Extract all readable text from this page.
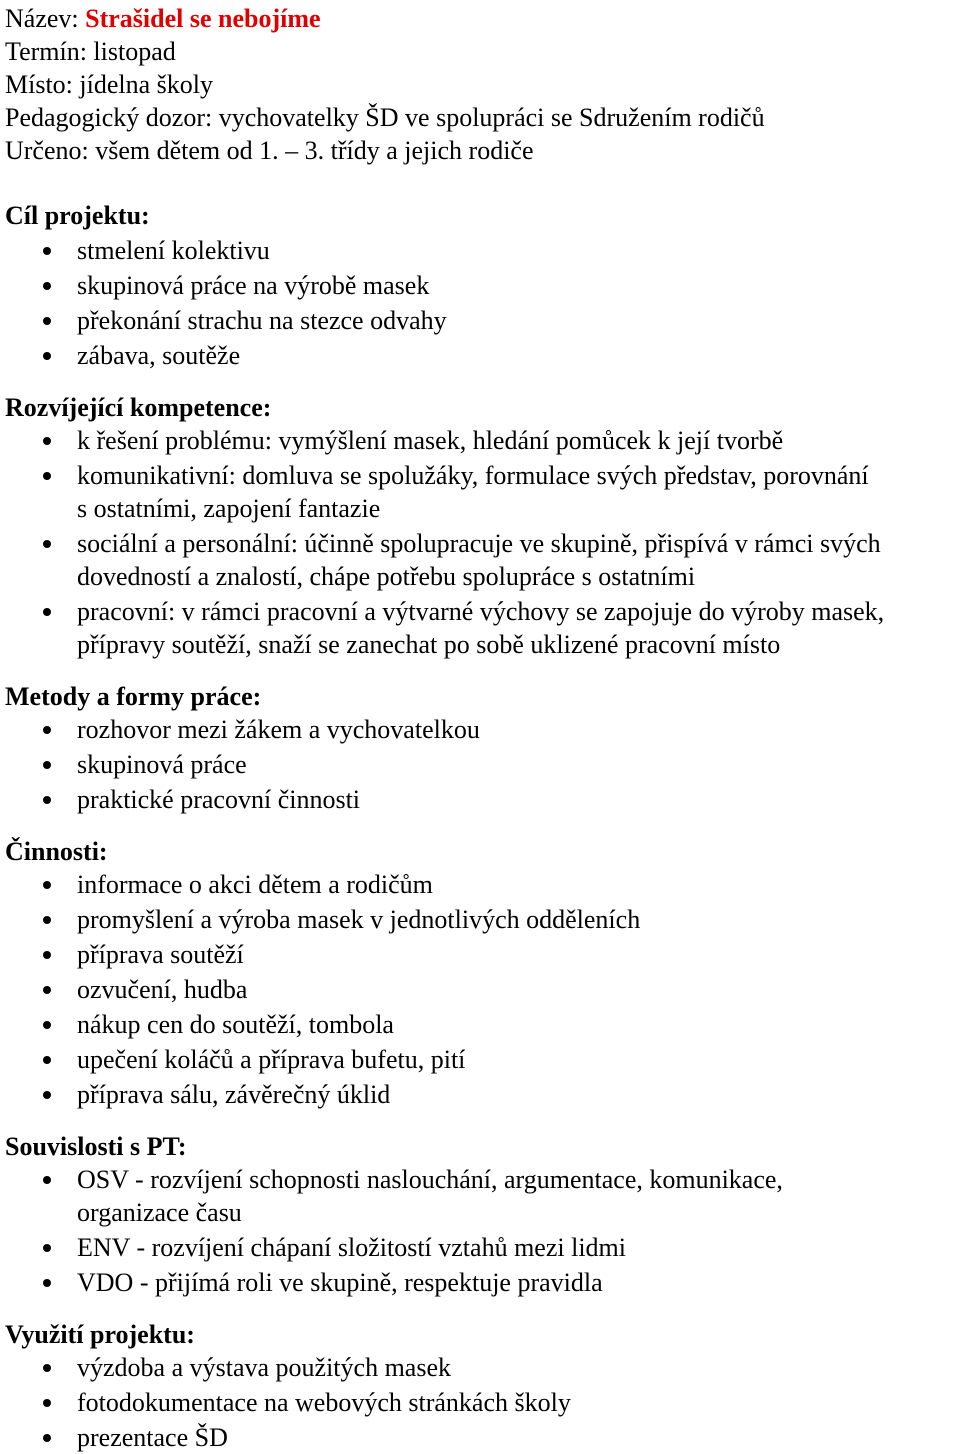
Název: Strašidel se nebojíme

Termín: listopad

Místo: jídelna školy

Pedagogický dozor: vychovatelky ŠD ve spolupráci se Sdružením rodičů

Určeno: všem dětem od 1. – 3. třídy a jejich rodiče

Cíl projektu:

stmelení kolektivu
skupinová práce na výrobě masek
překonání strachu na stezce odvahy
zábava, soutěže

Rozvíjející kompetence:

k řešení problému: vymýšlení masek, hledání pomůcek k její tvorbě
komunikativní: domluva se spolužáky, formulace svých představ, porovnání
s ostatními, zapojení fantazie
sociální a personální: účinně spolupracuje ve skupině, přispívá v rámci svých
dovedností a znalostí, chápe potřebu spolupráce s ostatními
pracovní: v rámci pracovní a výtvarné výchovy se zapojuje do výroby masek,
přípravy soutěží, snaží se zanechat po sobě uklizené pracovní místo

Metody a formy práce:

rozhovor mezi žákem a vychovatelkou
skupinová práce
praktické pracovní činnosti

Činnosti:

informace o akci dětem a rodičům
promyšlení a výroba masek v jednotlivých odděleních
příprava soutěží
ozvučení, hudba
nákup cen do soutěží, tombola
upečení koláčů a příprava bufetu, pití
příprava sálu, závěrečný úklid

Souvislosti s PT:

OSV - rozvíjení schopnosti naslouchání, argumentace, komunikace,
organizace času
ENV - rozvíjení chápaní složitostí vztahů mezi lidmi
VDO - přijímá roli ve skupině, respektuje pravidla

Využití projektu:

výzdoba a výstava použitých masek
fotodokumentace na webových stránkách školy
prezentace ŠD
